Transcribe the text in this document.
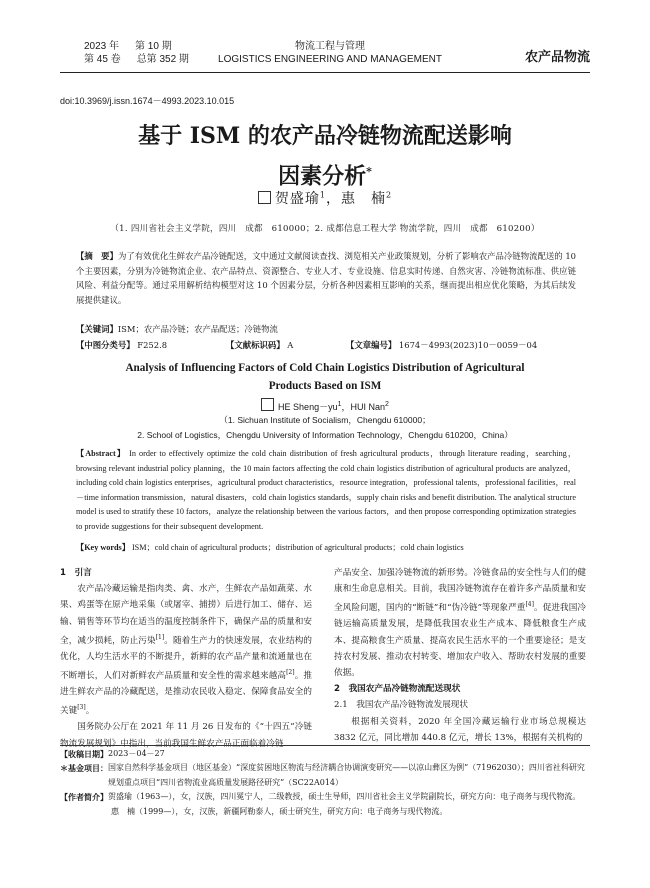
2023 年 第 10 期
第 45 卷 总第 352 期
物流工程与管理
LOGISTICS ENGINEERING AND MANAGEMENT	农产品物流
doi:10.3969/j.issn.1674－4993.2023.10.015
基于 ISM 的农产品冷链物流配送影响
因素分析*
贺盛瑜$^1$，惠　楠$^2$
（1. 四川省社会主义学院，四川　成都　610000；2. 成都信息工程大学 物流学院，四川　成都　610200）
【摘　要】为了有效优化生鲜农产品冷链配送，文中通过文献阅读查找、浏览相关产业政策规划，分析了影响农产品冷链物流配送的 10 个主要因素，分别为冷链物流企业、农产品特点、资源整合、专业人才、专业设施、信息实时传递、自然灾害、冷链物流标准、供应链风险、利益分配等。通过采用解析结构模型对这 10 个因素分层，分析各种因素相互影响的关系，继而提出相应优化策略，为其后续发展提供建议。
【关键词】ISM；农产品冷链；农产品配送；冷链物流
【中图分类号】 F252.8	【文献标识码】 A	【文章编号】 1674－4993(2023)10－0059－04
Analysis of Influencing Factors of Cold Chain Logistics Distribution of Agricultural
Products Based on ISM
HE $Sheng-yu^1$，HUI Nan$^2$
（1. Sichuan Institute of Socialism，Chengdu 610000；
2. School of Logistics，Chengdu University of Information Technology，Chengdu 610200，China）
【Abstract】 In order to effectively optimize the cold chain distribution of fresh agricultural products，through literature reading，searching，browsing relevant industrial policy planning，the 10 main factors affecting the cold chain logistics distribution of agricultural products are analyzed，including cold chain logistics enterprises，agricultural product characteristics，resource integration，professional talents，professional facilities，real－time information transmission，natural disasters，cold chain logistics standards，supply chain risks and benefit distribution. The analytical structure model is used to stratify these 10 factors，analyze the relationship between the various factors，and then propose corresponding optimization strategies to provide suggestions for their subsequent development.
【Key words】 ISM；cold chain of agricultural products；distribution of agricultural products；cold chain logistics

1　引言

农产品冷藏运输是指肉类、禽、水产，生鲜农产品如蔬菜、水果、鸡蛋等在原产地采集（或屠宰、捕捞）后进行加工、储存、运输、销售等环节均在适当的温度控制条件下，确保产品的质量和安全，减少损耗，防止污染[1]。随着生产力的快速发展，农业结构的优化，人均生活水平的不断提升，新鲜的农产品产量和流通量也在不断增长，人们对新鲜农产品质量和安全性的需求越来越高[2]。推进生鲜农产品的冷藏配送，是推动农民收入稳定、保障食品安全的关键[3]。

国务院办公厅在 2021 年 11 月 26 日发布的《“十四五”冷链物流发展规划》中指出，当前我国生鲜农产品正面临着冷链

产品安全、加强冷链物流的新形势。冷链食品的安全性与人们的健康和生命息息相关。目前，我国冷链物流存在着许多产品质量和安全风险问题，国内的“断链”和“伪冷链”等现象严重[4]。促进我国冷链运输高质量发展，是降低我国农业生产成本、降低粮食生产成本、提高粮食生产质量、提高农民生活水平的一个重要途径；是支持农村发展、推动农村转变、增加农户收入、帮助农村发展的重要依据。

2　我国农产品冷链物流配送现状

2.1　我国农产品冷链物流发展现状

根据相关资料，2020 年全国冷藏运输行业市场总规模达 3832 亿元，同比增加 440.8 亿元，增长 13%，根据有关机构的

【收稿日期】 2023－04－27
＊基金项目： 国家自然科学基金项目（地区基金）“深度贫困地区物流与经济耦合协调演变研究——以凉山彝区为例”（71962030）；四川省社科研究规划重点项目“四川省物流业高质量发展路径研究”（SC22A014）
【作者简介】 贺盛瑜（1963—），女，汉族，四川冕宁人，二级教授，硕士生导师，四川省社会主义学院副院长，研究方向：电子商务与现代物流。
惠　楠（1999—），女，汉族，新疆阿勒泰人，硕士研究生，研究方向：电子商务与现代物流。
